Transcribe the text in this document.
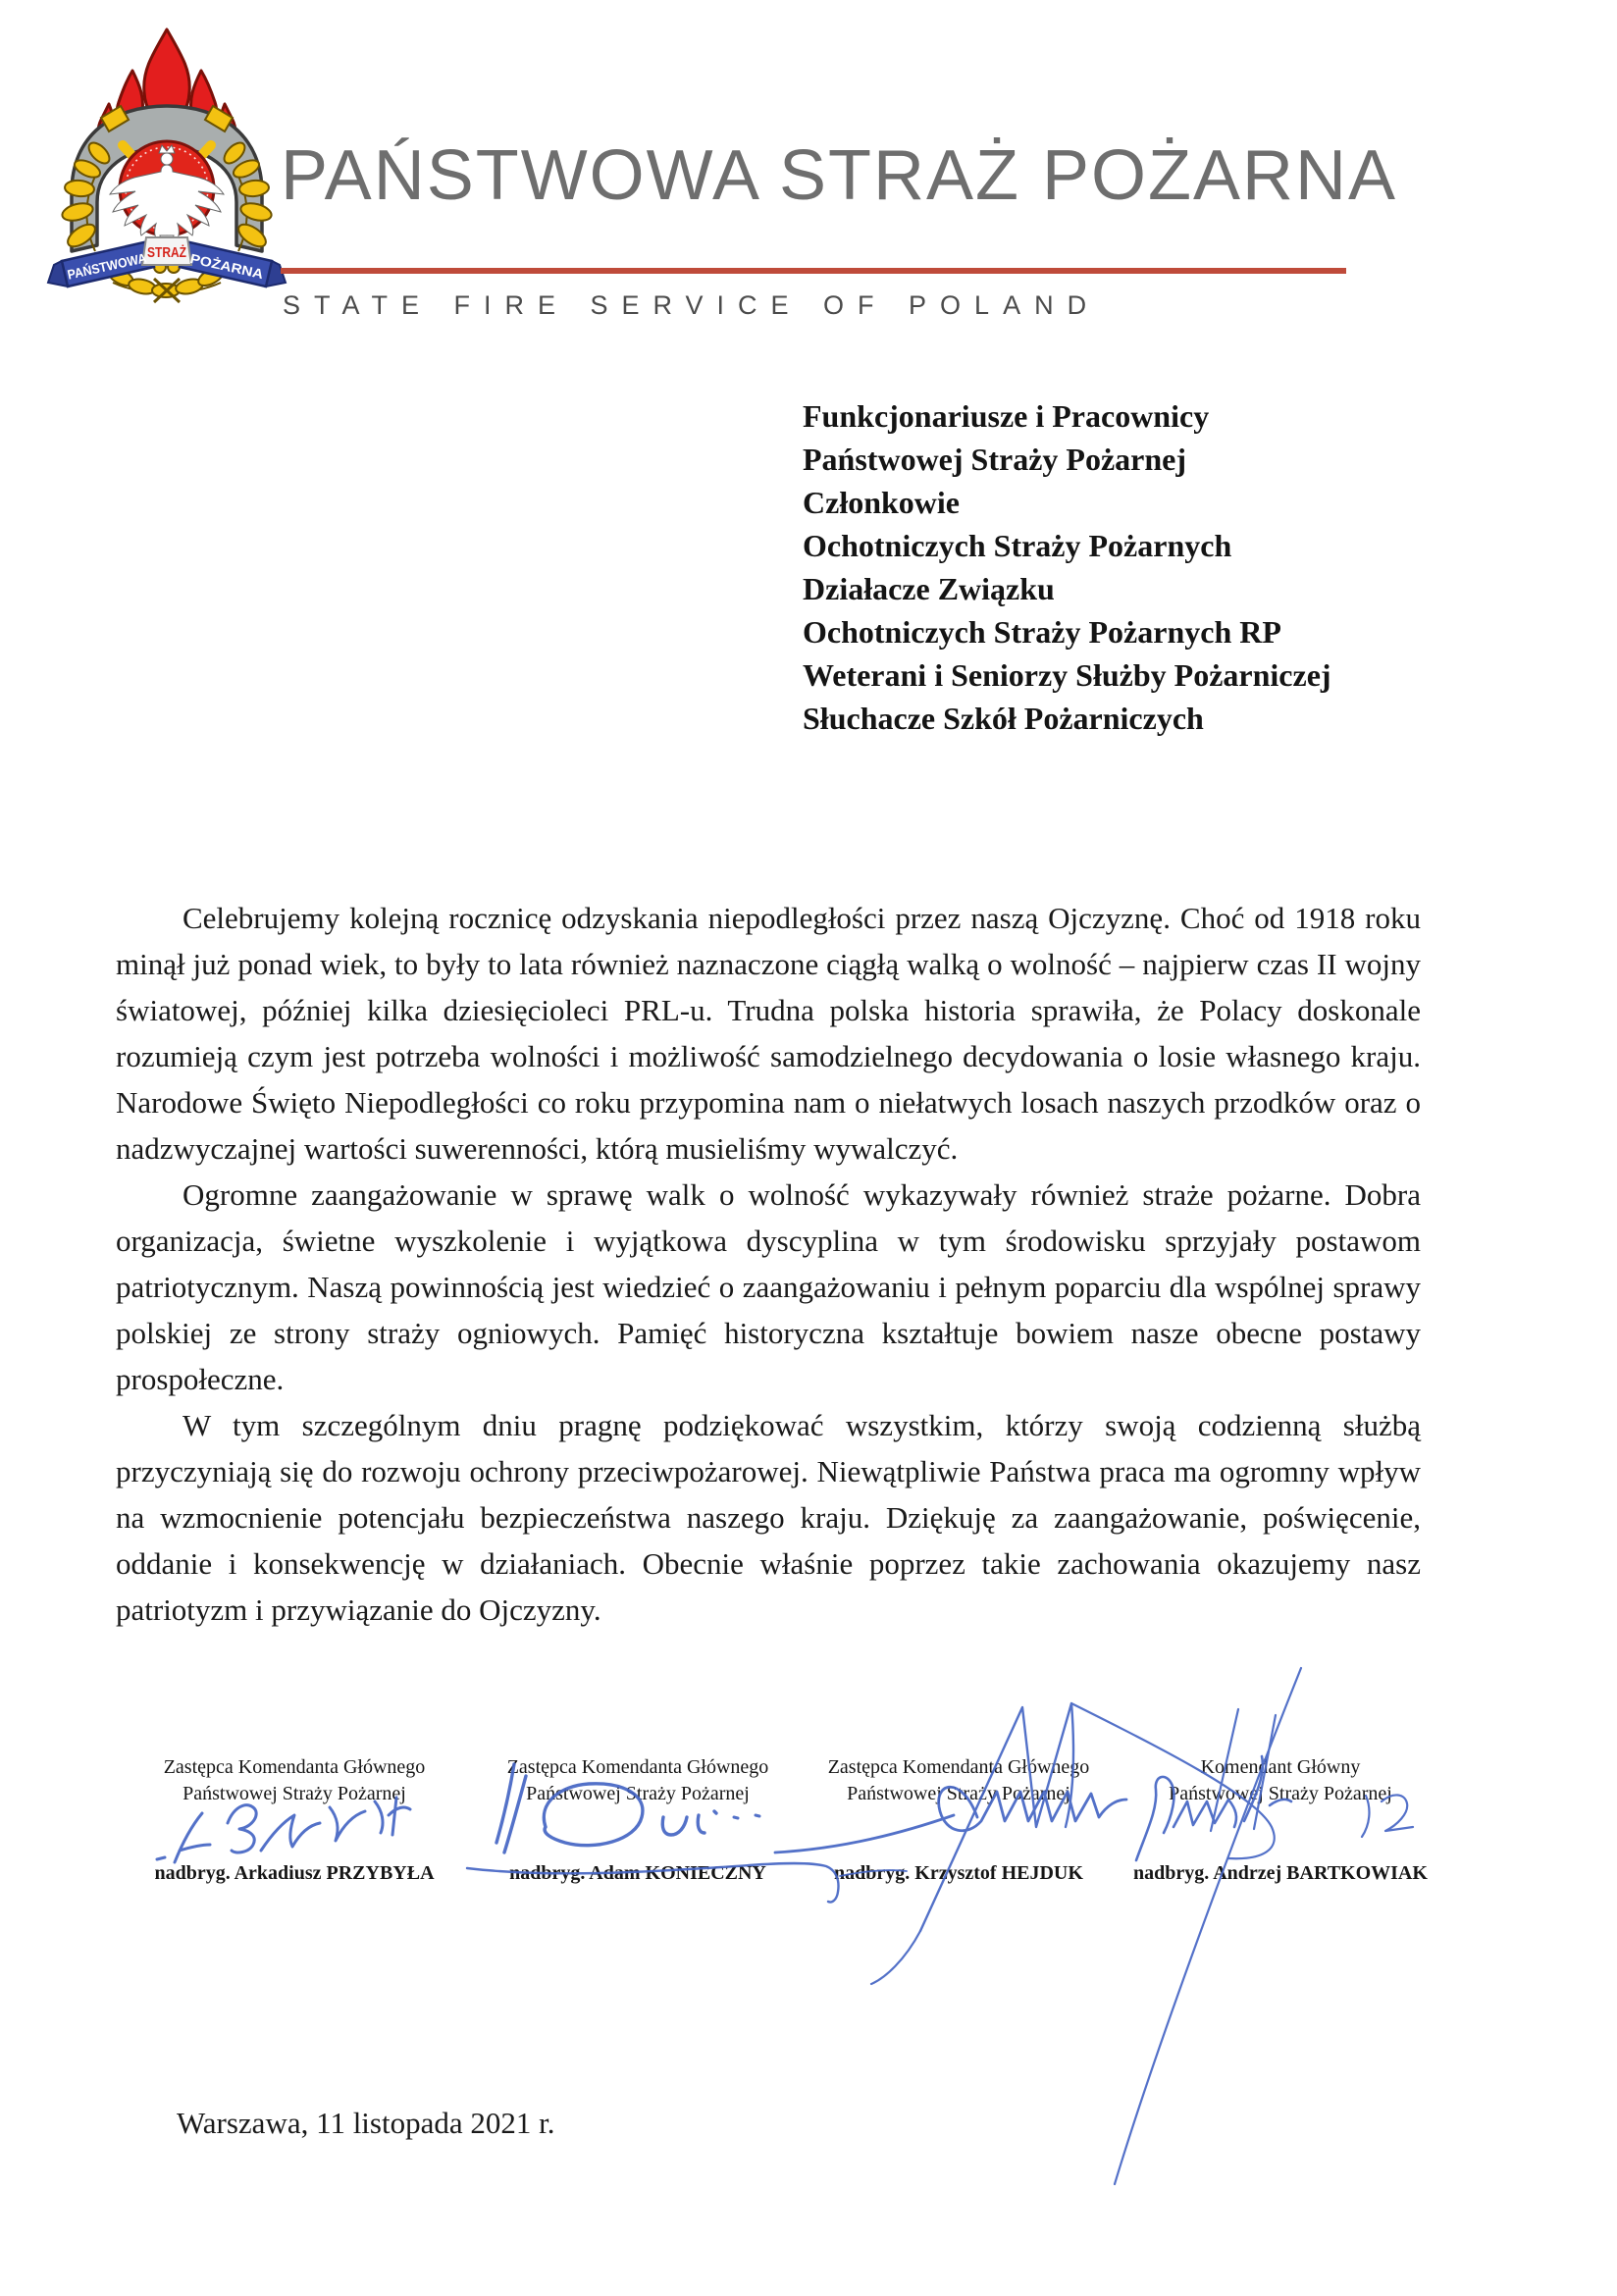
PAŃSTWOWA
STRAŻ
POŻARNA
PAŃSTWOWA STRAŻ POŻARNA
STATE FIRE SERVICE OF POLAND
Funkcjonariusze i Pracownicy
Państwowej Straży Pożarnej
Członkowie
Ochotniczych Straży Pożarnych
Działacze Związku
Ochotniczych Straży Pożarnych RP
Weterani i Seniorzy Służby Pożarniczej
Słuchacze Szkół Pożarniczych

Celebrujemy kolejną rocznicę odzyskania niepodległości przez naszą Ojczyznę. Choć od 1918 roku minął już ponad wiek, to były to lata również naznaczone ciągłą walką o wolność – najpierw czas II wojny światowej, później kilka dziesięcioleci PRL-u. Trudna polska historia sprawiła, że Polacy doskonale rozumieją czym jest potrzeba wolności i możliwość samodzielnego decydowania o losie własnego kraju. Narodowe Święto Niepodległości co roku przypomina nam o niełatwych losach naszych przodków oraz o nadzwyczajnej wartości suwerenności, którą musieliśmy wywalczyć.

Ogromne zaangażowanie w sprawę walk o wolność wykazywały również straże pożarne. Dobra organizacja, świetne wyszkolenie i wyjątkowa dyscyplina w tym środowisku sprzyjały postawom patriotycznym. Naszą powinnością jest wiedzieć o zaangażowaniu i pełnym poparciu dla wspólnej sprawy polskiej ze strony straży ogniowych. Pamięć historyczna kształtuje bowiem nasze obecne postawy prospołeczne.

W tym szczególnym dniu pragnę podziękować wszystkim, którzy swoją codzienną służbą przyczyniają się do rozwoju ochrony przeciwpożarowej. Niewątpliwie Państwa praca ma ogromny wpływ na wzmocnienie potencjału bezpieczeństwa naszego kraju. Dziękuję za zaangażowanie, poświęcenie, oddanie i konsekwencję w działaniach. Obecnie właśnie poprzez takie zachowania okazujemy nasz patriotyzm i przywiązanie do Ojczyzny.

Zastępca Komendanta Głównego
Państwowej Straży Pożarnej
nadbryg. Arkadiusz PRZYBYŁA
Zastępca Komendanta Głównego
Państwowej Straży Pożarnej
nadbryg. Adam KONIECZNY
Zastępca Komendanta Głównego
Państwowej Straży Pożarnej
nadbryg. Krzysztof HEJDUK
Komendant Główny
Państwowej Straży Pożarnej
nadbryg. Andrzej BARTKOWIAK
Warszawa, 11 listopada 2021 r.
